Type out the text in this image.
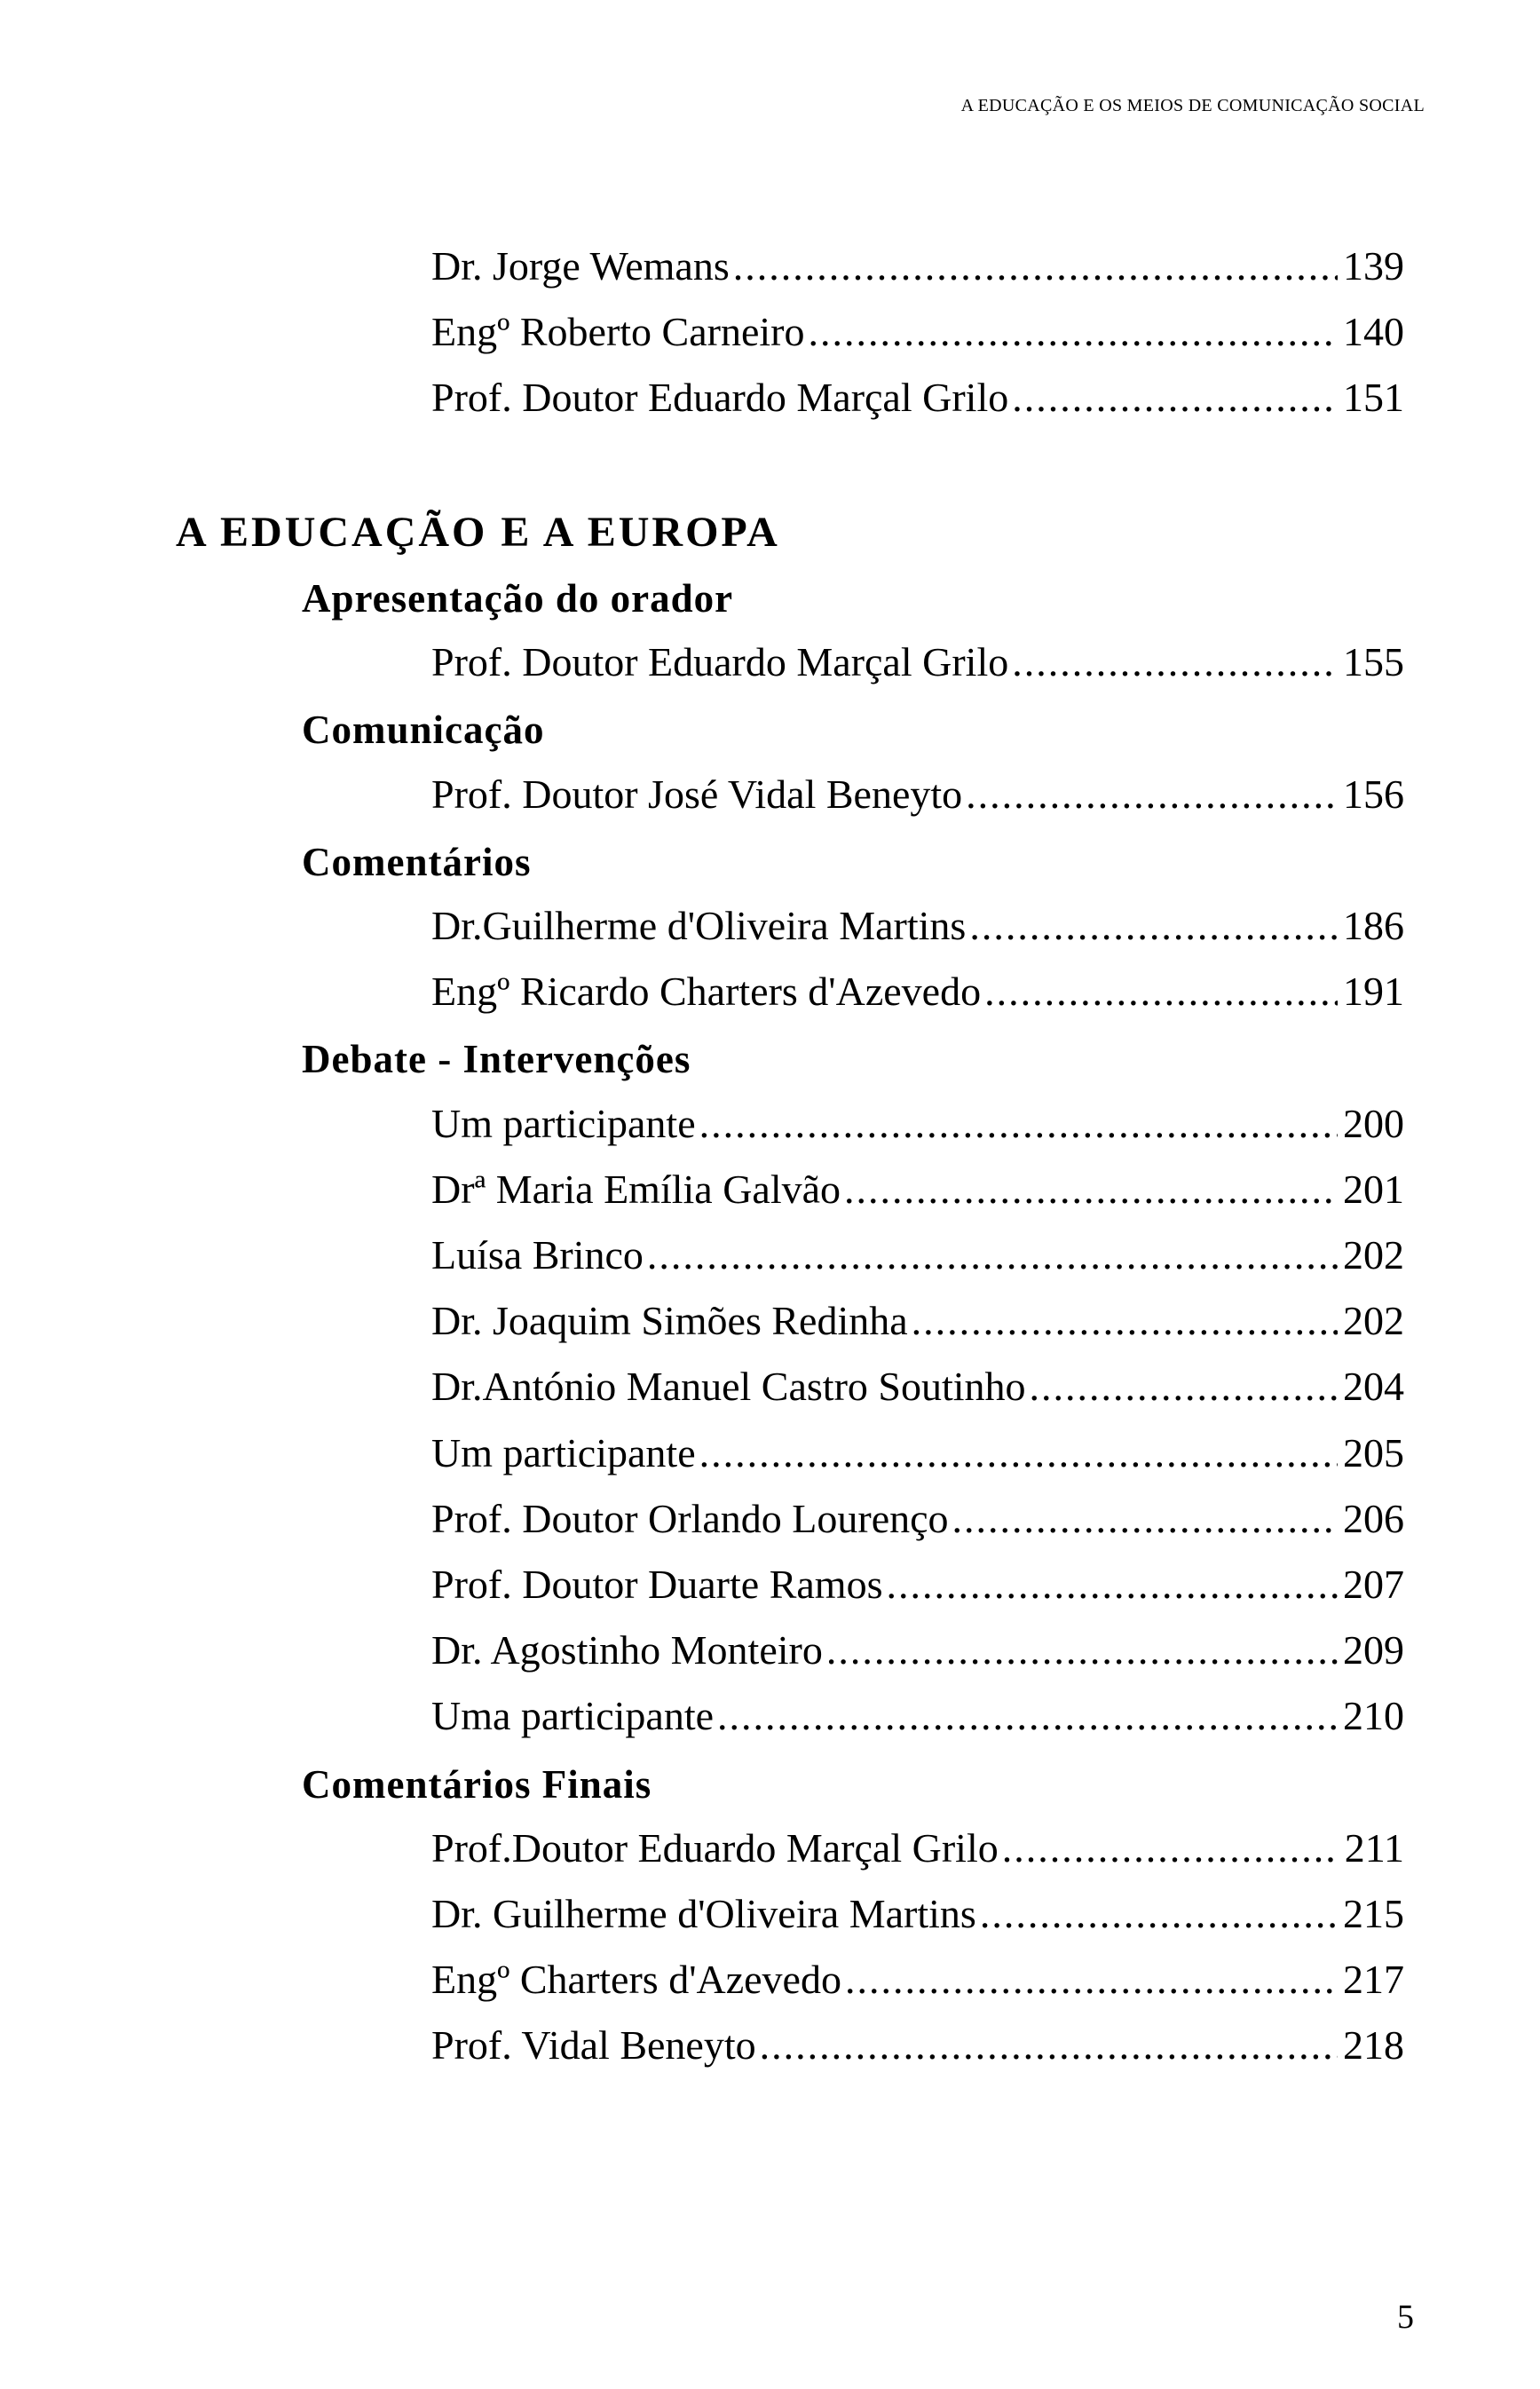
A EDUCAÇÃO E OS MEIOS DE COMUNICAÇÃO SOCIAL
Dr. Jorge Wemans .....	139
Engº Roberto Carneiro .....	140
Prof. Doutor Eduardo Marçal Grilo .....	151
A EDUCAÇÃO E A EUROPA
Apresentação do orador
Prof. Doutor Eduardo Marçal Grilo .....	155
Comunicação
Prof. Doutor José Vidal Beneyto .....	156
Comentários
Dr.Guilherme d'Oliveira Martins .....	186
Engº Ricardo Charters d'Azevedo .....	191
Debate - Intervenções
Um participante .....	200
Drª Maria Emília Galvão .....	201
Luísa Brinco .....	202
Dr. Joaquim Simões Redinha .....	202
Dr.António Manuel Castro Soutinho .....	204
Um participante .....	205
Prof. Doutor Orlando Lourenço .....	206
Prof. Doutor Duarte Ramos .....	207
Dr. Agostinho Monteiro .....	209
Uma participante .....	210
Comentários Finais
Prof.Doutor Eduardo Marçal Grilo .....	211
Dr. Guilherme d'Oliveira Martins .....	215
Engº Charters d'Azevedo .....	217
Prof. Vidal Beneyto .....	218
5
